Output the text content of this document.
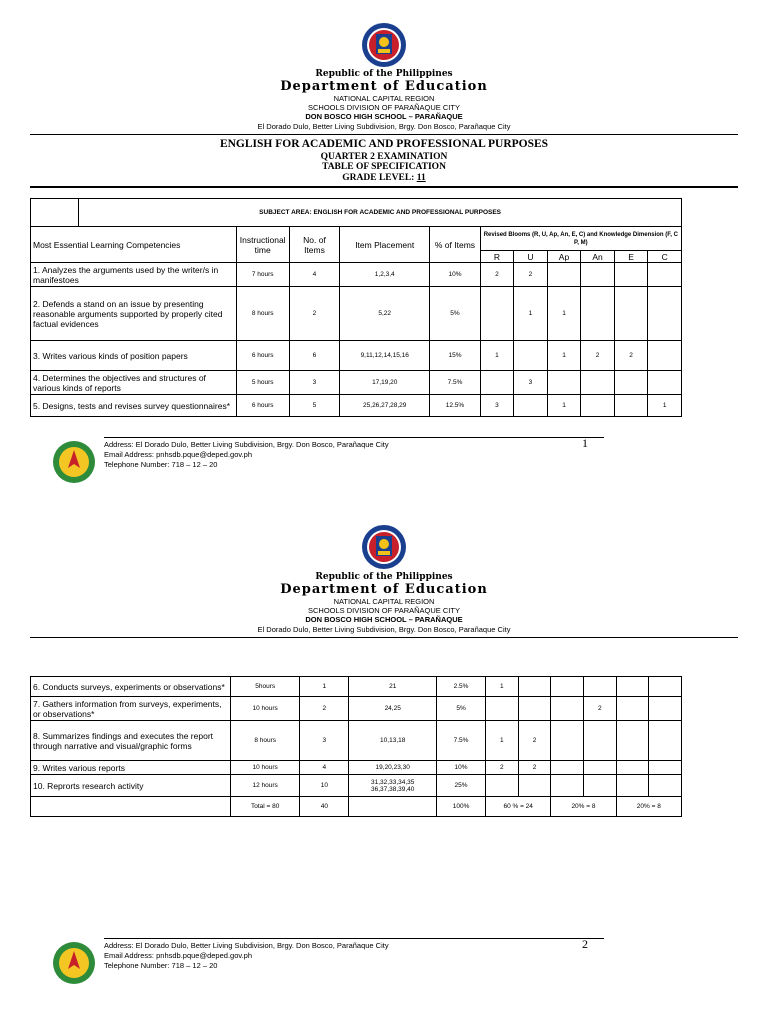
Republic of the Philippines
Department of Education
NATIONAL CAPITAL REGION
SCHOOLS DIVISION OF PARAÑAQUE CITY
DON BOSCO HIGH SCHOOL – PARAÑAQUE
El Dorado Dulo, Better Living Subdivision, Brgy. Don Bosco, Parañaque City
ENGLISH FOR ACADEMIC AND PROFESSIONAL PURPOSES
QUARTER 2 EXAMINATION
TABLE OF SPECIFICATION
GRADE LEVEL: 11
	SUBJECT AREA: ENGLISH FOR ACADEMIC AND PROFESSIONAL PURPOSES										
Most Essential Learning Competencies		Instructional time	No. of Items	Item Placement	% of Items	Revised Blooms (R, U, Ap, An, E, C) and Knowledge Dimension (F, C P, M)					
						R	U	Ap	An	E	C
1. Analyzes the arguments used by the writer/s in manifestoes		7 hours	4	1,2,3,4	10%	2	2				
2. Defends a stand on an issue by presenting reasonable arguments supported by properly cited factual evidences		8 hours	2	5,22	5%		1	1			
3. Writes various kinds of position papers		6 hours	6	9,11,12,14,15,16	15%	1		1	2	2	
4. Determines the objectives and structures of various kinds of reports		5 hours	3	17,19,20	7.5%		3				
5. Designs, tests and revises survey questionnaires*		6 hours	5	25,26,27,28,29	12.5%	3		1			1
Address: El Dorado Dulo, Better Living Subdivision, Brgy. Don Bosco, Parañaque City
Email Address: pnhsdb.pque@deped.gov.ph
Telephone Number: 718 – 12 – 20
1
Republic of the Philippines
Department of Education
NATIONAL CAPITAL REGION
SCHOOLS DIVISION OF PARAÑAQUE CITY
DON BOSCO HIGH SCHOOL – PARAÑAQUE
El Dorado Dulo, Better Living Subdivision, Brgy. Don Bosco, Parañaque City
6. Conducts surveys, experiments or observations*	5hours	1	21	2.5%	1					
7. Gathers information from surveys, experiments, or observations*	10 hours	2	24,25	5%				2		
8. Summarizes findings and executes the report through narrative and visual/graphic forms	8 hours	3	10,13,18	7.5%	1	2				
9. Writes various reports	10 hours	4	19,20,23,30	10%	2	2				
10. Reprorts research activity	12 hours	10	31,32,33,34,35 36,37,38,39,40	25%						
	Total = 80	40		100%	60 % = 24		20% = 8		20% = 8	
Address: El Dorado Dulo, Better Living Subdivision, Brgy. Don Bosco, Parañaque City
Email Address: pnhsdb.pque@deped.gov.ph
Telephone Number: 718 – 12 – 20
2
